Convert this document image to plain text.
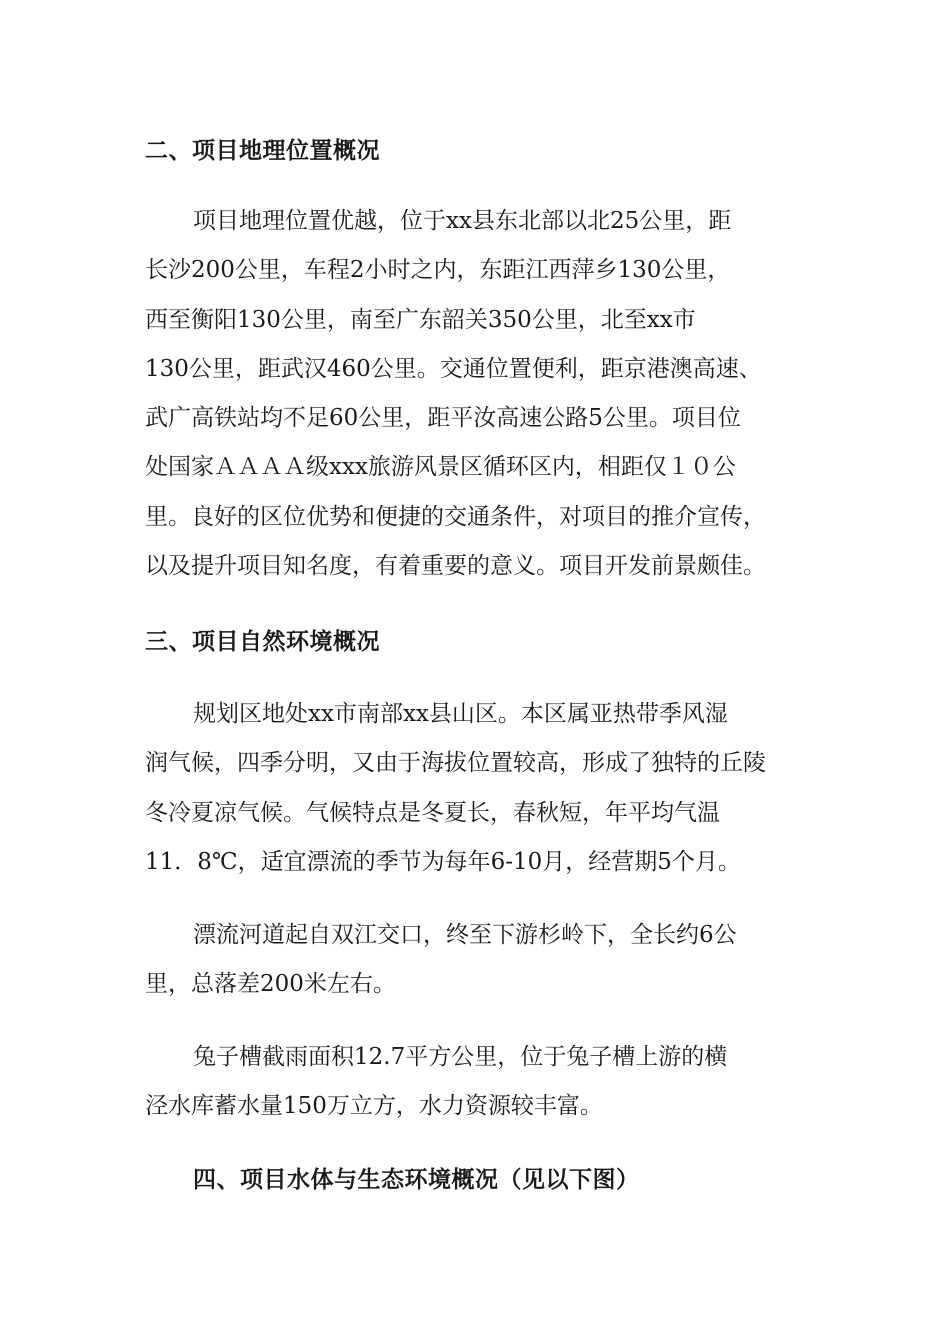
二、项目地理位置概况
项目地理位置优越，位于xx县东北部以北25公里，距
长沙200公里，车程2小时之内，东距江西萍乡130公里，
西至衡阳130公里，南至广东韶关350公里，北至xx市
130公里，距武汉460公里。交通位置便利，距京港澳高速、
武广高铁站均不足60公里，距平汝高速公路5公里。项目位
处国家ＡＡＡＡ级xxx旅游风景区循环区内，相距仅１０公
里。良好的区位优势和便捷的交通条件，对项目的推介宣传，
以及提升项目知名度，有着重要的意义。项目开发前景颇佳。
三、项目自然环境概况
规划区地处xx市南部xx县山区。本区属亚热带季风湿
润气候，四季分明，又由于海拔位置较高，形成了独特的丘陵
冬冷夏凉气候。气候特点是冬夏长，春秋短，年平均气温
11．8℃，适宜漂流的季节为每年6-10月，经营期5个月。
漂流河道起自双江交口，终至下游杉岭下，全长约6公
里，总落差200米左右。
兔子槽截雨面积12.7平方公里，位于兔子槽上游的横
泾水库蓄水量150万立方，水力资源较丰富。
四、项目水体与生态环境概况（见以下图）
